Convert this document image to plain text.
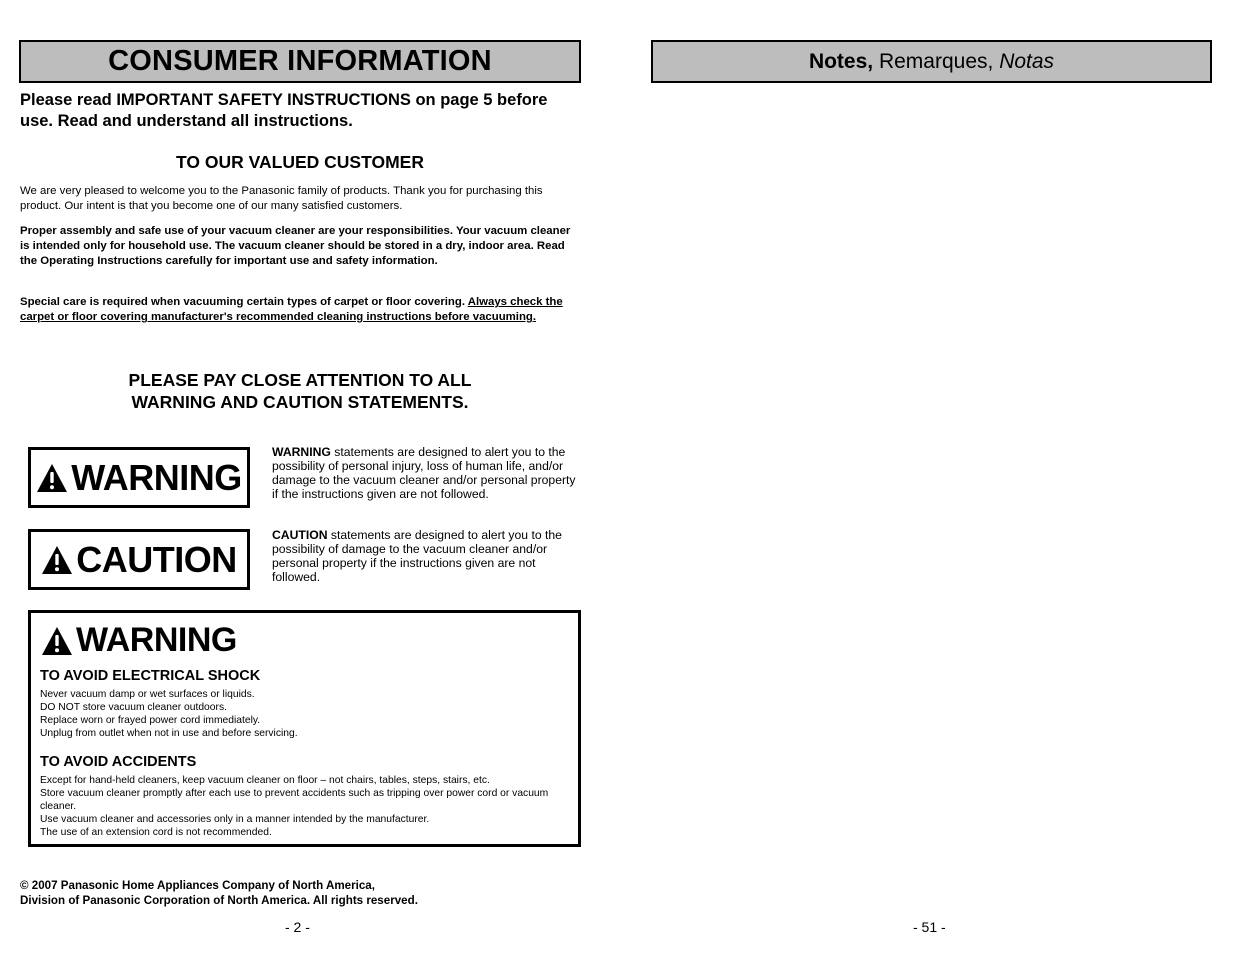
CONSUMER INFORMATION
Please read IMPORTANT SAFETY INSTRUCTIONS on page 5 before use. Read and understand all instructions.
TO OUR VALUED CUSTOMER

We are very pleased to welcome you to the Panasonic family of products. Thank you for purchasing this product. Our intent is that you become one of our many satisfied customers.

Proper assembly and safe use of your vacuum cleaner are your responsibilities. Your vacuum cleaner is intended only for household use. The vacuum cleaner should be stored in a dry, indoor area. Read the Operating Instructions carefully for important use and safety information.

Special care is required when vacuuming certain types of carpet or floor covering. Always check the carpet or floor covering manufacturer's recommended cleaning instructions before vacuuming.

PLEASE PAY CLOSE ATTENTION TO ALL
WARNING AND CAUTION STATEMENTS.
WARNING
CAUTION

WARNING statements are designed to alert you to the possibility of personal injury, loss of human life, and/or damage to the vacuum cleaner and/or personal property if the instructions given are not followed.

CAUTION statements are designed to alert you to the possibility of damage to the vacuum cleaner and/or personal property if the instructions given are not followed.

WARNING
TO AVOID ELECTRICAL SHOCK
Never vacuum damp or wet surfaces or liquids.
DO NOT store vacuum cleaner outdoors.
Replace worn or frayed power cord immediately.
Unplug from outlet when not in use and before servicing.
TO AVOID ACCIDENTS
Except for hand-held cleaners, keep vacuum cleaner on floor – not chairs, tables, steps, stairs, etc.
Store vacuum cleaner promptly after each use to prevent accidents such as tripping over power cord or vacuum cleaner.
Use vacuum cleaner and accessories only in a manner intended by the manufacturer.
The use of an extension cord is not recommended.
© 2007 Panasonic Home Appliances Company of North America,
Division of Panasonic Corporation of North America. All rights reserved.
- 2 -
Notes, Remarques, Notas
- 51 -
